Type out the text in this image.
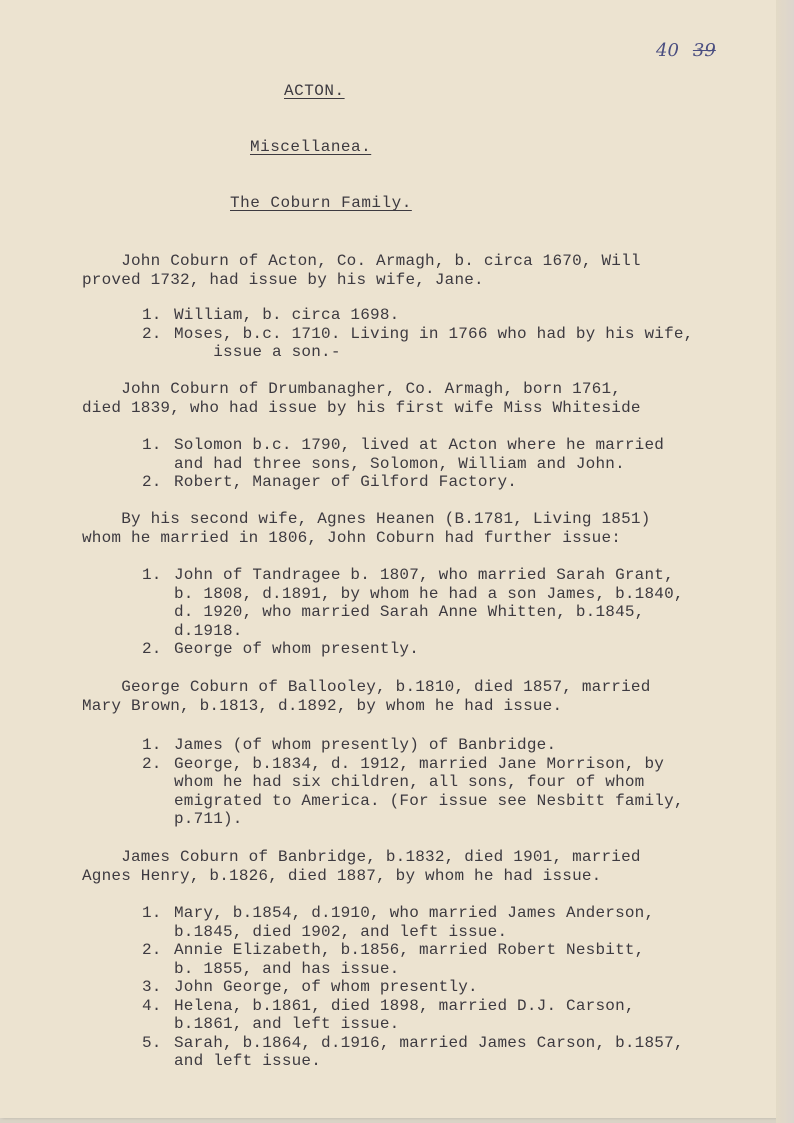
40 39
ACTON.
Miscellanea.
The Coburn Family.
John Coburn of Acton, Co. Armagh, b. circa 1670, Will
proved 1732, had issue by his wife, Jane.
1. William, b. circa 1698.
2. Moses, b.c. 1710. Living in 1766 who had by his wife,
issue a son.-
John Coburn of Drumbanagher, Co. Armagh, born 1761,
died 1839, who had issue by his first wife Miss Whiteside
1. Solomon b.c. 1790, lived at Acton where he married
and had three sons, Solomon, William and John.
2. Robert, Manager of Gilford Factory.
By his second wife, Agnes Heanen (B.1781, Living 1851)
whom he married in 1806, John Coburn had further issue:
1. John of Tandragee b. 1807, who married Sarah Grant,
b. 1808, d.1891, by whom he had a son James, b.1840,
d. 1920, who married Sarah Anne Whitten, b.1845,
d.1918.
2. George of whom presently.
George Coburn of Ballooley, b.1810, died 1857, married
Mary Brown, b.1813, d.1892, by whom he had issue.
1. James (of whom presently) of Banbridge.
2. George, b.1834, d. 1912, married Jane Morrison, by
whom he had six children, all sons, four of whom
emigrated to America. (For issue see Nesbitt family,
p.711).
James Coburn of Banbridge, b.1832, died 1901, married
Agnes Henry, b.1826, died 1887, by whom he had issue.
1. Mary, b.1854, d.1910, who married James Anderson,
b.1845, died 1902, and left issue.
2. Annie Elizabeth, b.1856, married Robert Nesbitt,
b. 1855, and has issue.
3. John George, of whom presently.
4. Helena, b.1861, died 1898, married D.J. Carson,
b.1861, and left issue.
5. Sarah, b.1864, d.1916, married James Carson, b.1857,
and left issue.
